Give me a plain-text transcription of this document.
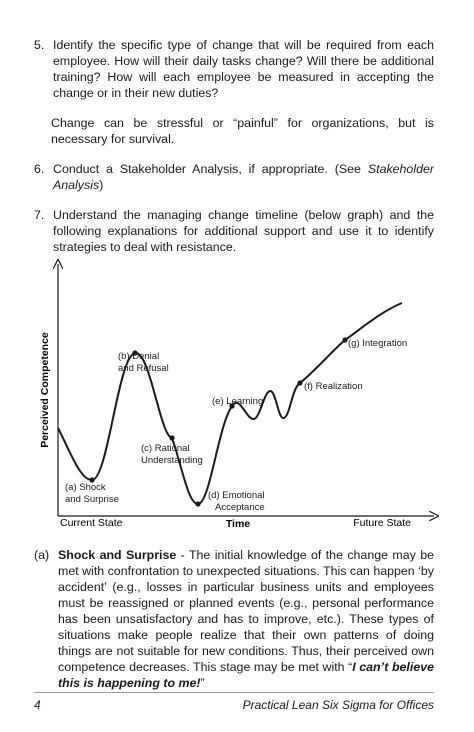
5. Identify the specific type of change that will be required from each employee. How will their daily tasks change? Will there be additional training? How will each employee be measured in accepting the change or in their new duties?
Change can be stressful or “painful” for organizations, but is necessary for survival.
6. Conduct a Stakeholder Analysis, if appropriate. (See Stakeholder Analysis)
7. Understand the managing change timeline (below graph) and the following explanations for additional support and use it to identify strategies to deal with resistance.
(a) Shock
and Surprise
(b) Denial
and Refusal
(c) Rational
Understanding
(d) Emotional
Acceptance
(e) Learning
(f) Realization
(g) Integration
Perceived Competence
Current State	Time	Future State
(a) Shock and Surprise - The initial knowledge of the change may be met with confrontation to unexpected situations. This can happen ‘by accident’ (e.g., losses in particular business units and employees must be reassigned or planned events (e.g., personal performance has been unsatisfactory and has to improve, etc.). These types of situations make people realize that their own patterns of doing things are not suitable for new conditions. Thus, their perceived own competence decreases. This stage may be met with “I can’t believe this is happening to me!”
4	Practical Lean Six Sigma for Offices
